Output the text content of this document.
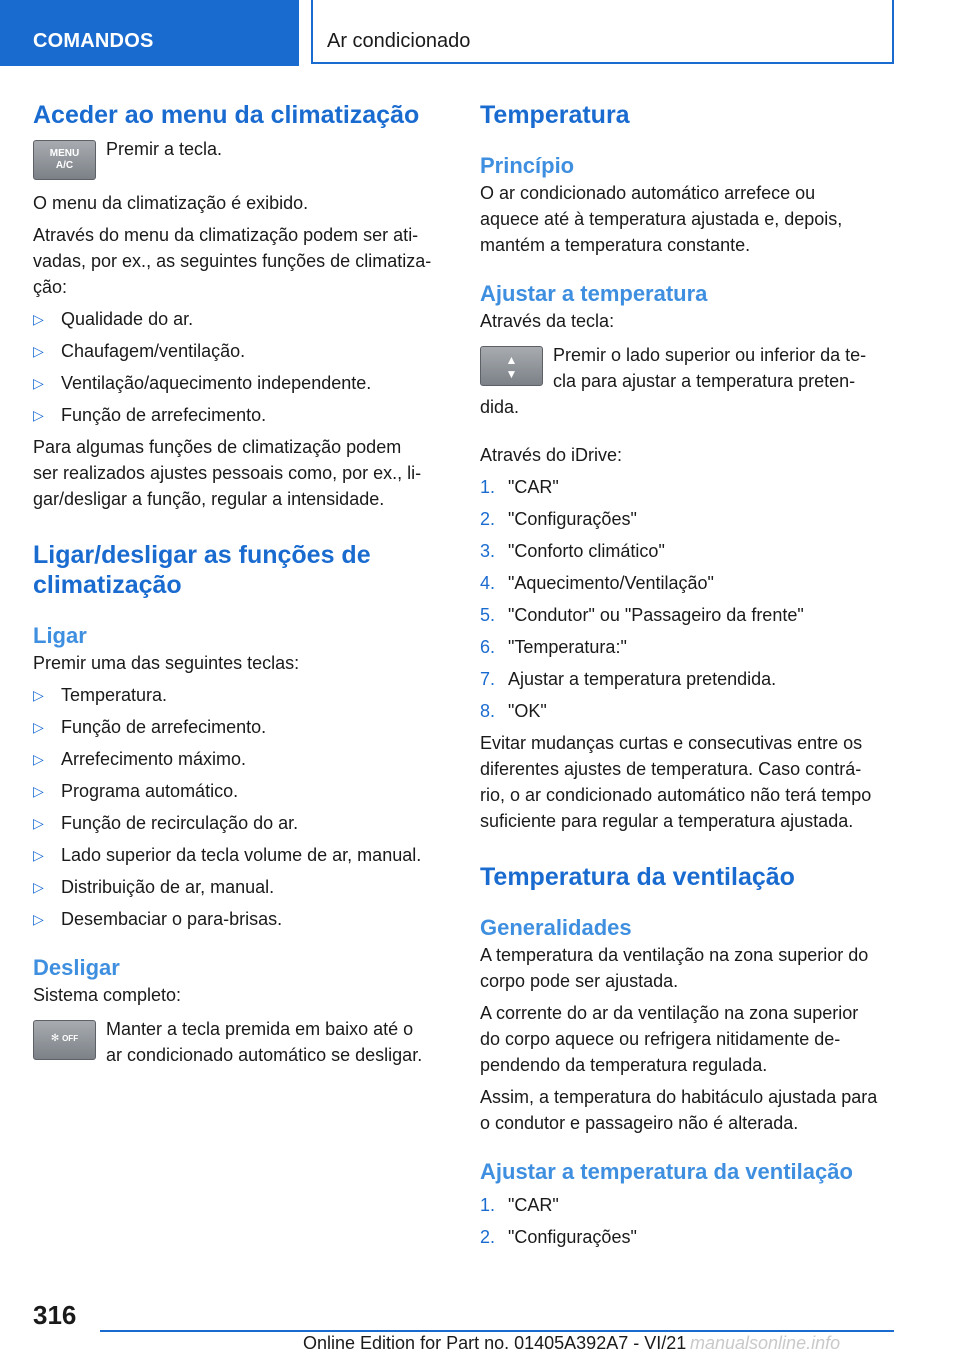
COMANDOS	Ar condicionado
Aceder ao menu da climatização
MENU
A/C

Premir a tecla.

O menu da climatização é exibido.

Através do menu da climatização podem ser ati-
vadas, por ex., as seguintes funções de climatiza-
ção:

▷ Qualidade do ar.
▷ Chaufagem/ventilação.
▷ Ventilação/aquecimento independente.
▷ Função de arrefecimento.

Para algumas funções de climatização podem
ser realizados ajustes pessoais como, por ex., li-
gar/desligar a função, regular a intensidade.

Ligar/desligar as funções de
climatização
Ligar

Premir uma das seguintes teclas:

▷ Temperatura.
▷ Função de arrefecimento.
▷ Arrefecimento máximo.
▷ Programa automático.
▷ Função de recirculação do ar.
▷ Lado superior da tecla volume de ar, manual.
▷ Distribuição de ar, manual.
▷ Desembaciar o para-brisas.
Desligar

Sistema completo:

✻ OFF	Manter a tecla premida em baixo até o
ar condicionado automático se desligar.

Temperatura
Princípio

O ar condicionado automático arrefece ou
aquece até à temperatura ajustada e, depois,
mantém a temperatura constante.

Ajustar a temperatura

Através da tecla:

▲
▼

Premir o lado superior ou inferior da te-
cla para ajustar a temperatura preten-

dida.

Através do iDrive:

1. "CAR"
2. "Configurações"
3. "Conforto climático"
4. "Aquecimento/Ventilação"
5. "Condutor" ou "Passageiro da frente"
6. "Temperatura:"
7. Ajustar a temperatura pretendida.
8. "OK"

Evitar mudanças curtas e consecutivas entre os
diferentes ajustes de temperatura. Caso contrá-
rio, o ar condicionado automático não terá tempo
suficiente para regular a temperatura ajustada.

Temperatura da ventilação
Generalidades

A temperatura da ventilação na zona superior do
corpo pode ser ajustada.

A corrente do ar da ventilação na zona superior
do corpo aquece ou refrigera nitidamente de-
pendendo da temperatura regulada.

Assim, a temperatura do habitáculo ajustada para
o condutor e passageiro não é alterada.

Ajustar a temperatura da ventilação
1. "CAR"
2. "Configurações"
316
Online Edition for Part no. 01405A392A7 - VI/21 manualsonline.info
